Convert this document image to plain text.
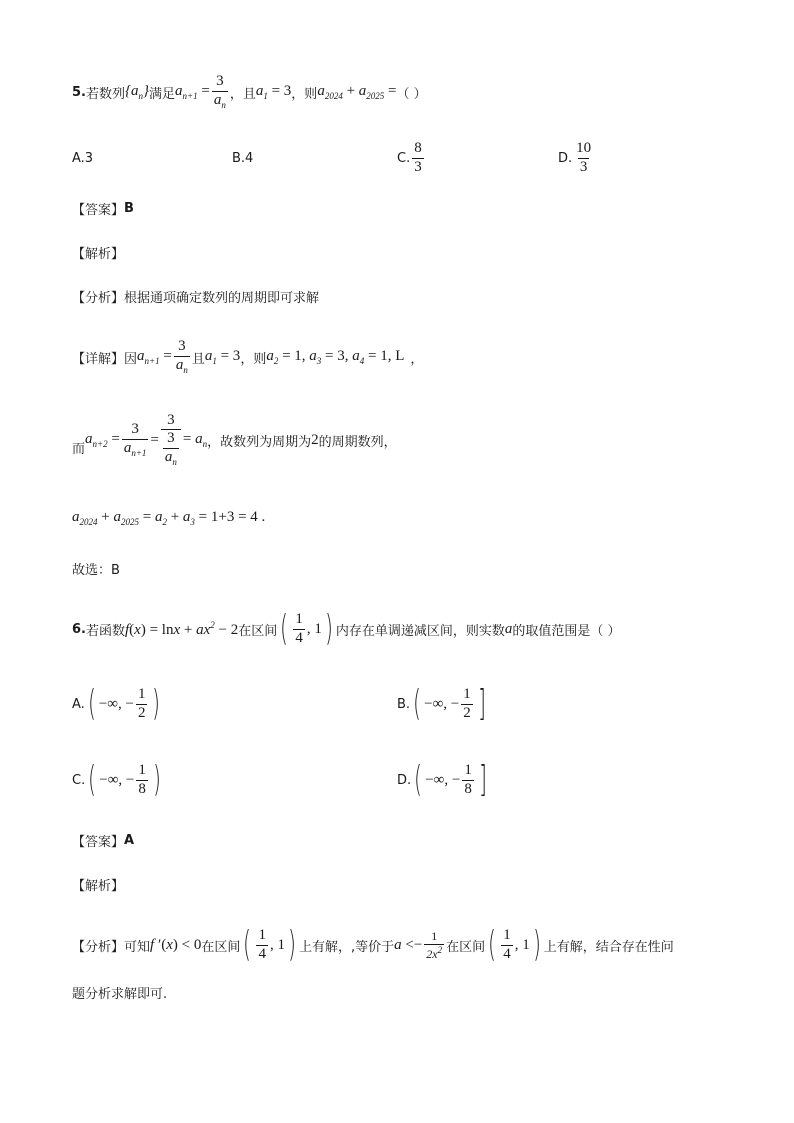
5. 若数列 $\{a_n\}$ 满足 $a_{n+1} = \frac{3}{a_n}$ ，且 $a_1 = 3$ ，则 $a_{2024} + a_{2025}$ = （ ）
A.3	B.4	C. $\frac{8}{3}$	D. $\frac{10}{3}$
【答案】 B
【解析】
【分析】 根据通项确定数列的周期即可求解
【详解】 因 $a_{n+1} = \frac{3}{a_n}$ 且 $a_1 = 3$ ，则 $a_2 = 1$, $a_3 = 3$, $a_4 = 1$, L ，
而
$a_{n+2} = \frac{3}{a_{n+1}} = \frac{3}{\frac{3}{a_n}} = a_n$ ，故数列为周期为 2 的周期数列，
$a_{2024} + a_{2025} = a_2 + a_3 = 1+3 = 4$ .
故选：B
6. 若函数 $f(x) = \ln x + ax^2 - 2$ 在区间 ( $\frac{1}{4}$ , 1 ) 内存在单调递减区间，则实数 a 的取值范围是（ ）
A. ( −∞, − $\frac{1}{2}$ )	B. ( −∞, − $\frac{1}{2}$ ]
C. ( −∞, − $\frac{1}{8}$ )	D. ( −∞, − $\frac{1}{8}$ ]
【答案】 A
【解析】
【分析】 可知 f ′(x) < 0 在区间 ( $\frac{1}{4}$ , 1 ) 上有解，,等价于 $a <- \frac{1}{2x^2}$ 在区间 ( $\frac{1}{4}$ , 1 ) 上有解，结合存在性问
题分析求解即可.
